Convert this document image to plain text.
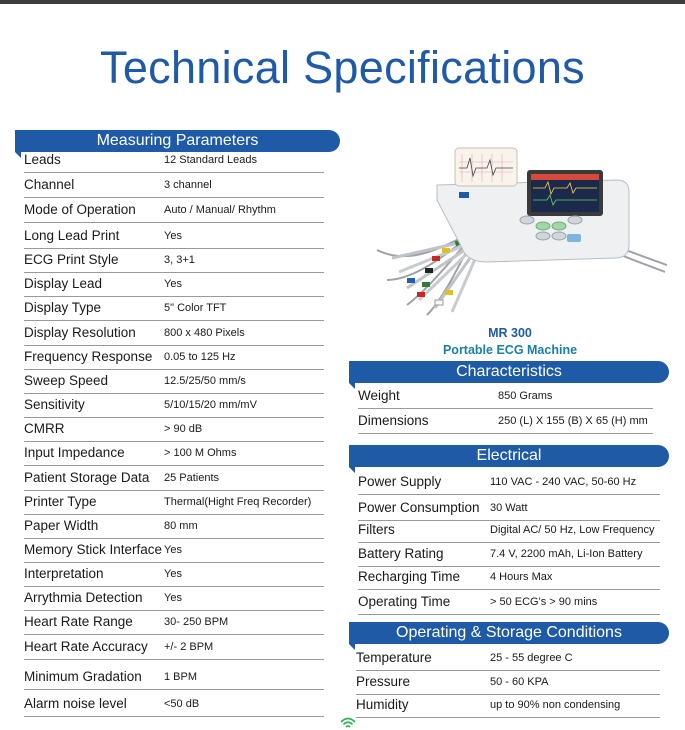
Technical Specifications
Measuring Parameters
Leads	12 Standard Leads
Channel	3 channel
Mode of Operation	Auto / Manual/ Rhythm
Long Lead Print	Yes
ECG Print Style	3, 3+1
Display Lead	Yes
Display Type	5" Color TFT
Display Resolution	800 x 480 Pixels
Frequency Response 0.05 to 125 Hz
Sweep Speed	12.5/25/50 mm/s
Sensitivity	5/10/15/20 mm/mV
CMRR	> 90 dB
Input Impedance	> 100 M Ohms
Patient Storage Data 25 Patients
Printer Type	Thermal(Hight Freq Recorder)
Paper Width	80 mm
Memory Stick Interface Yes
Interpretation	Yes
Arrythmia Detection Yes
Heart Rate Range	30- 250 BPM
Heart Rate Accuracy +/- 2 BPM
Minimum Gradation 1 BPM
Alarm noise level	<50 dB
MR 300
Portable ECG Machine
Characteristics
Weight	850 Grams
Dimensions	250 (L) X 155 (B) X 65 (H) mm
Electrical
Power Supply	110 VAC - 240 VAC, 50-60 Hz
Power Consumption 30 Watt
Filters	Digital AC/ 50 Hz, Low Frequency
Battery Rating	7.4 V, 2200 mAh, Li-Ion Battery
Recharging Time	4 Hours Max
Operating Time	> 50 ECG's > 90 mins
Operating & Storage Conditions
Temperature	25 - 55 degree C
Pressure	50 - 60 KPA
Humidity	up to 90% non condensing
